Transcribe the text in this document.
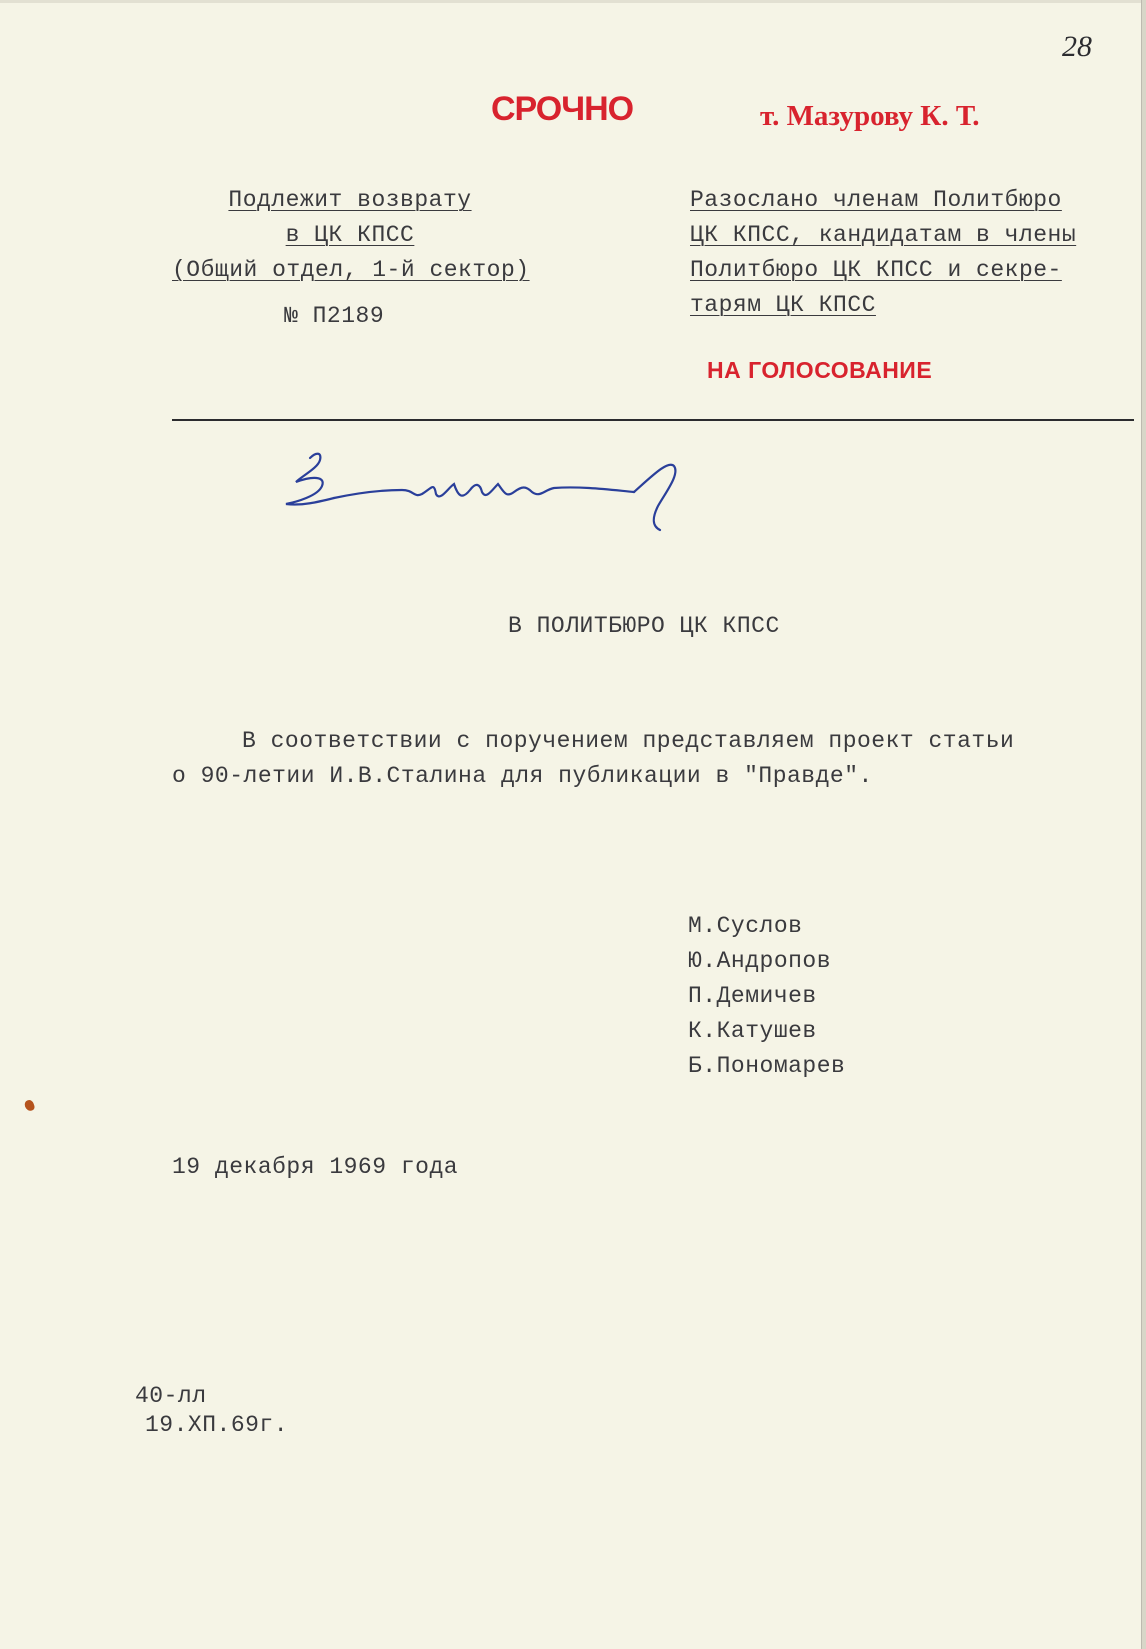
28
СРОЧНО	т. Мазурову К. Т.
НА ГОЛОСОВАНИЕ
Подлежит возврату
в ЦК КПСС
(Общий отдел, 1-й сектор)
№ П2189
Разослано членам Политбюро
ЦК КПСС, кандидатам в члены
Политбюро ЦК КПСС и секре-
тарям ЦК КПСС
В ПОЛИТБЮРО ЦК КПСС
В соответствии с поручением представляем проект статьи
о 90-летии И.В.Сталина для публикации в "Правде".
М.Суслов
Ю.Андропов
П.Демичев
К.Катушев
Б.Пономарев
19 декабря 1969 года
40-лл
19.XП.69г.
